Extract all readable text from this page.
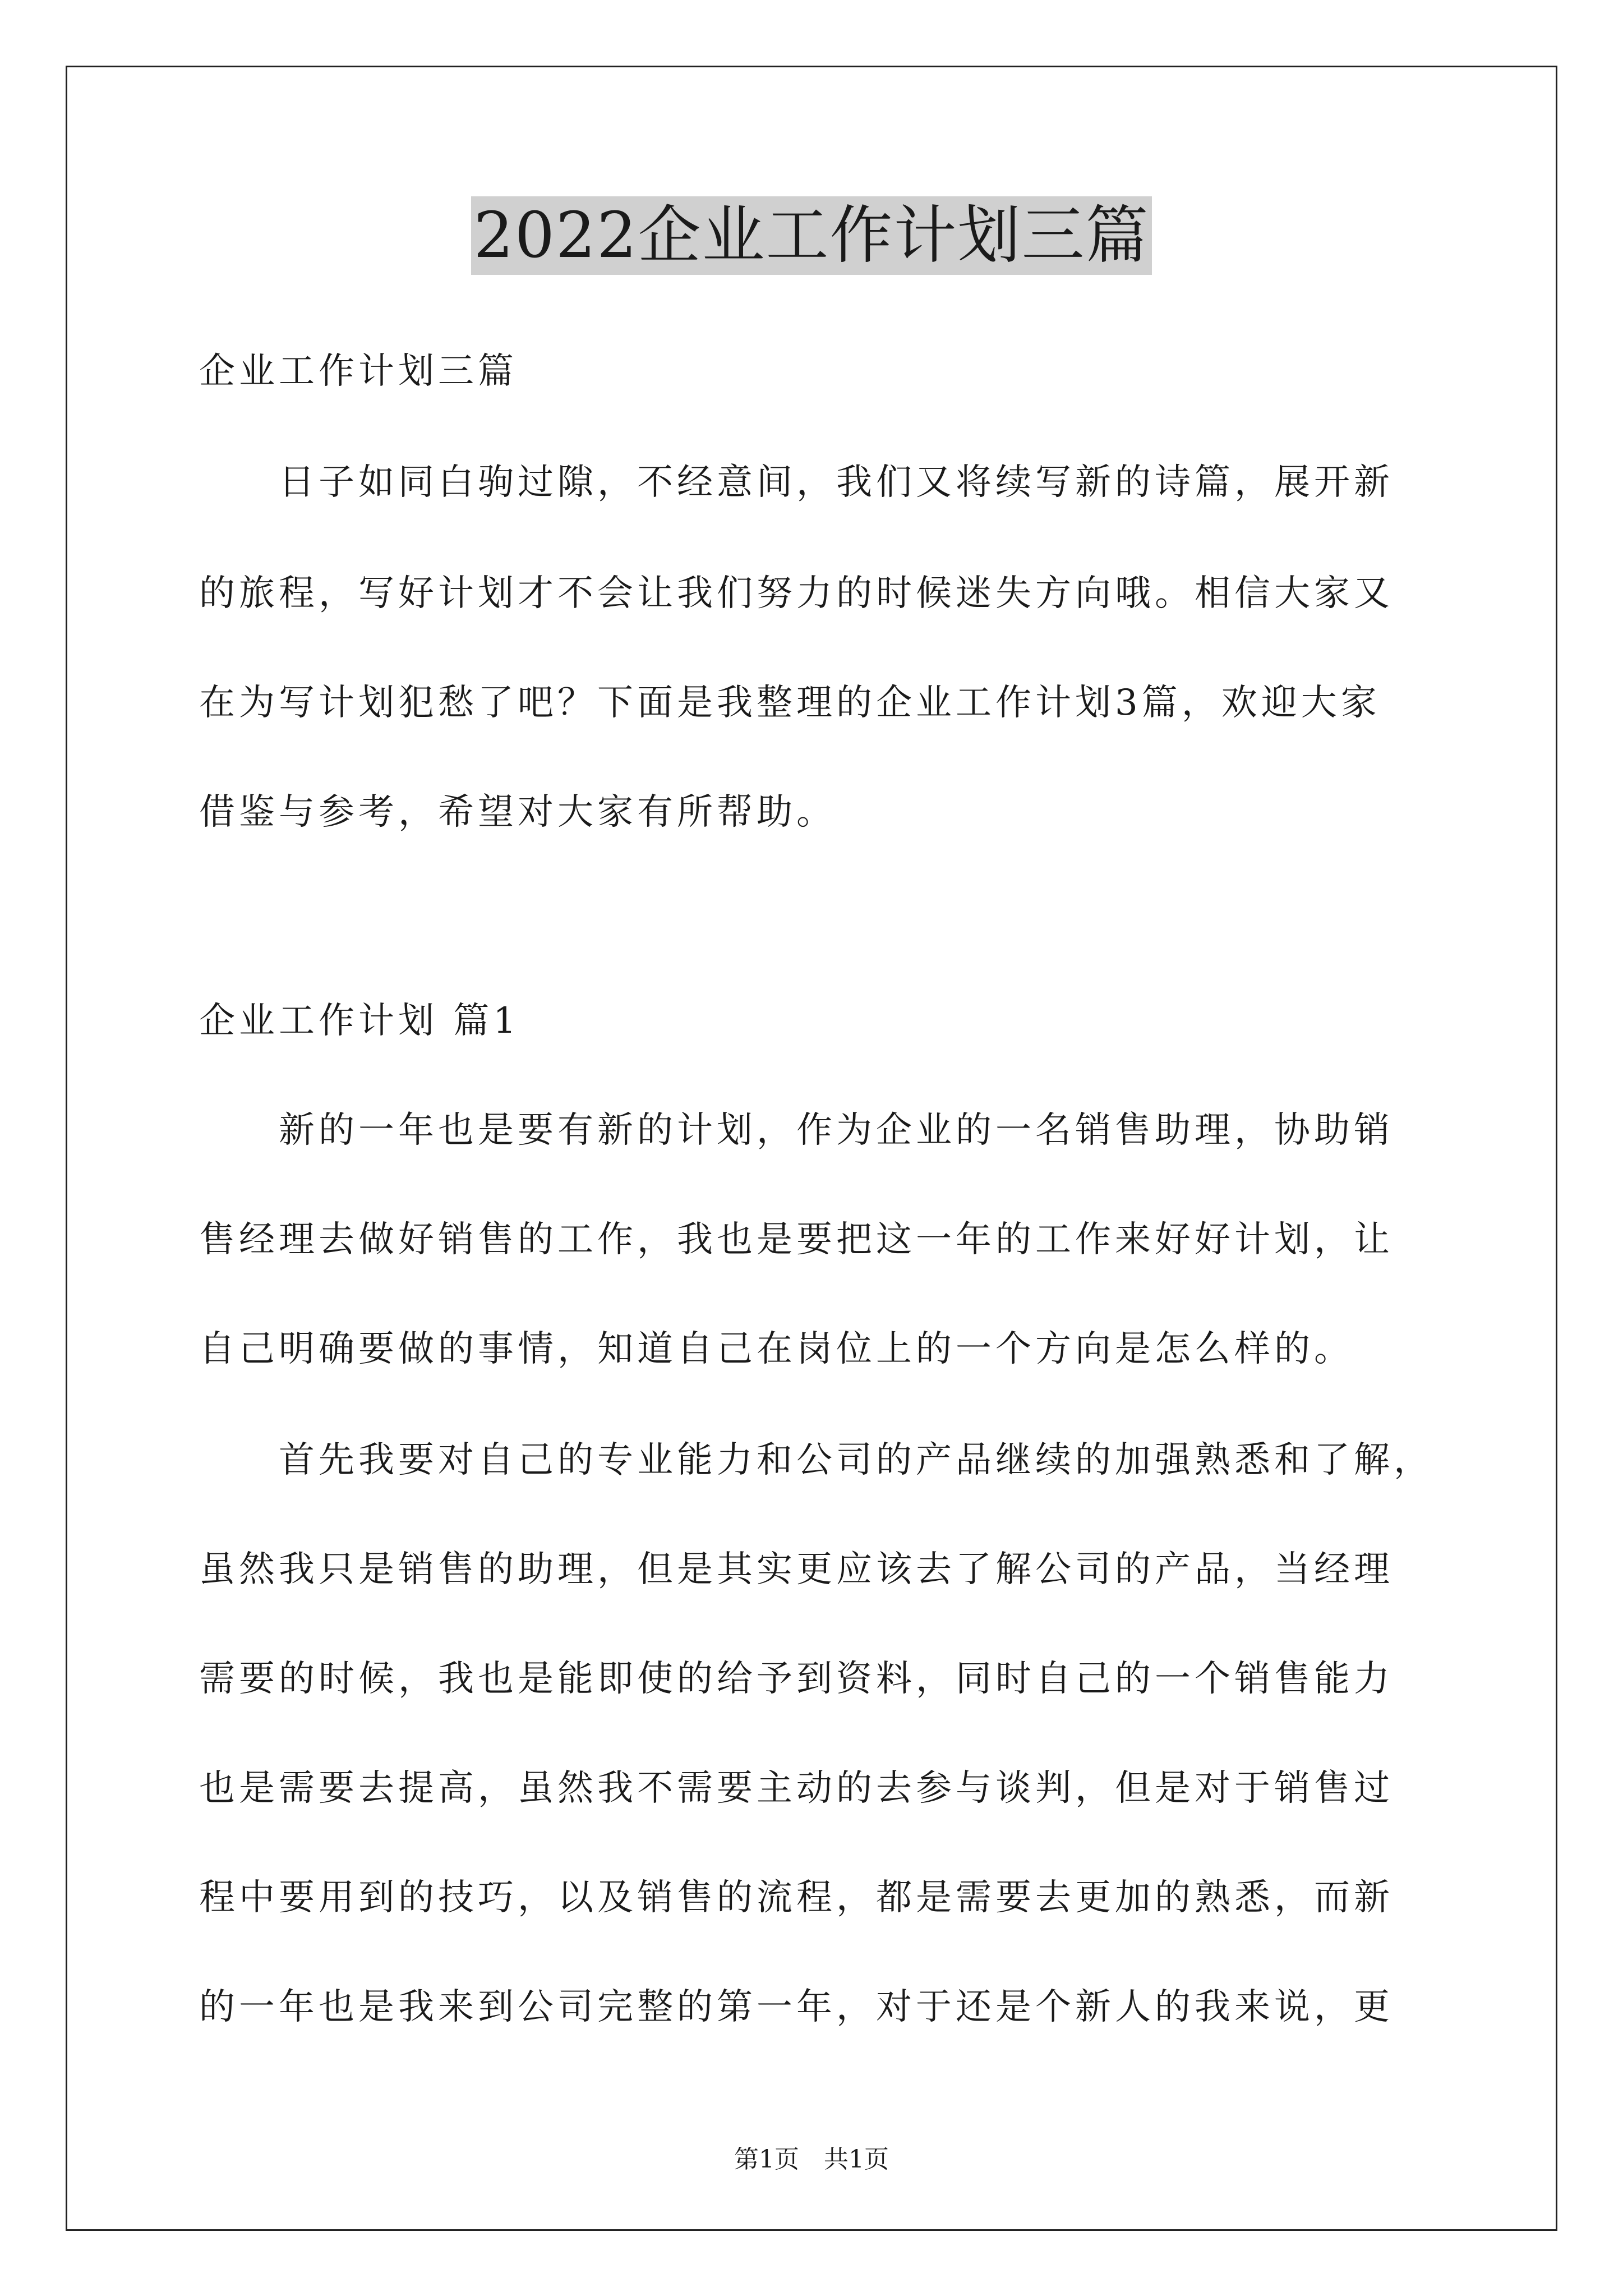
2022企业工作计划三篇
企业工作计划三篇
　　日子如同白驹过隙，不经意间，我们又将续写新的诗篇，展开新
的旅程，写好计划才不会让我们努力的时候迷失方向哦。相信大家又
在为写计划犯愁了吧？下面是我整理的企业工作计划3篇，欢迎大家
借鉴与参考，希望对大家有所帮助。
企业工作计划 篇1
　　新的一年也是要有新的计划，作为企业的一名销售助理，协助销
售经理去做好销售的工作，我也是要把这一年的工作来好好计划，让
自己明确要做的事情，知道自己在岗位上的一个方向是怎么样的。
　　首先我要对自己的专业能力和公司的产品继续的加强熟悉和了解，
虽然我只是销售的助理，但是其实更应该去了解公司的产品，当经理
需要的时候，我也是能即使的给予到资料，同时自己的一个销售能力
也是需要去提高，虽然我不需要主动的去参与谈判，但是对于销售过
程中要用到的技巧，以及销售的流程，都是需要去更加的熟悉，而新
的一年也是我来到公司完整的第一年，对于还是个新人的我来说，更
第1页　共1页
